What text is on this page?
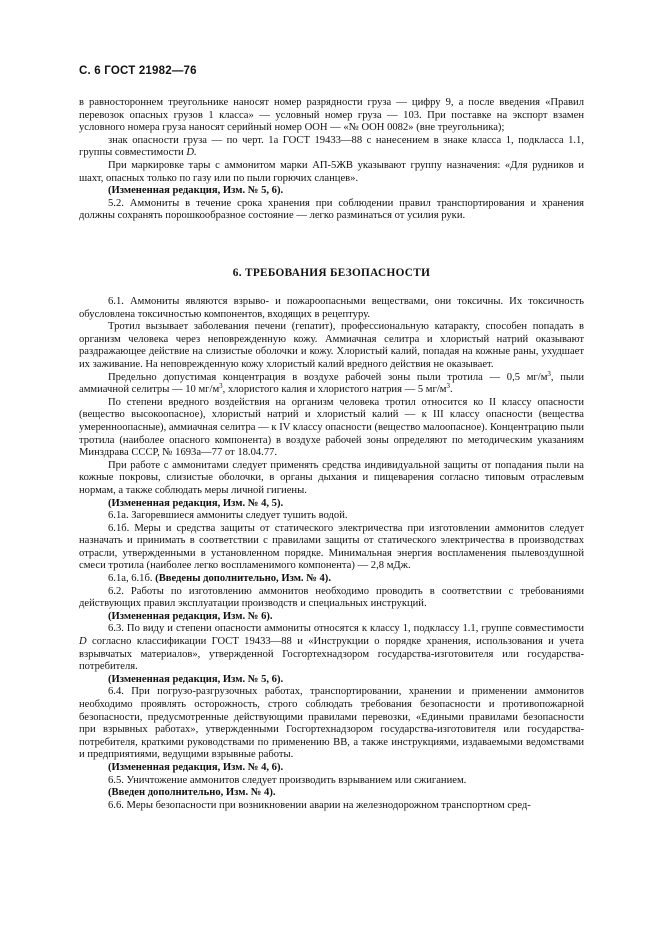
С. 6 ГОСТ 21982—76

в равностороннем треугольнике наносят номер разрядности груза — цифру 9, а после введения «Правил перевозок опасных грузов 1 класса» — условный номер груза — 103. При поставке на экспорт взамен условного номера груза наносят серийный номер ООН — «№ ООН 0082» (вне треугольника);

знак опасности груза — по черт. 1а ГОСТ 19433—88 с нанесением в знаке класса 1, подкласса 1.1, группы совместимости D.

При маркировке тары с аммонитом марки АП-5ЖВ указывают группу назначения: «Для рудников и шахт, опасных только по газу или по пыли горючих сланцев».

(Измененная редакция, Изм. № 5, 6).

5.2. Аммониты в течение срока хранения при соблюдении правил транспортирования и хранения должны сохранять порошкообразное состояние — легко разминаться от усилия руки.

6. ТРЕБОВАНИЯ БЕЗОПАСНОСТИ

6.1. Аммониты являются взрыво- и пожароопасными веществами, они токсичны. Их токсичность обусловлена токсичностью компонентов, входящих в рецептуру.

Тротил вызывает заболевания печени (гепатит), профессиональную катаракту, способен попадать в организм человека через неповрежденную кожу. Аммиачная селитра и хлористый натрий оказывают раздражающее действие на слизистые оболочки и кожу. Хлористый калий, попадая на кожные раны, ухудшает их заживание. На неповрежденную кожу хлористый калий вредного действия не оказывает.

Предельно допустимая концентрация в воздухе рабочей зоны пыли тротила — 0,5 $мг/м^3$, пыли аммиачной селитры — 10 $мг/м^3$, хлористого калия и хлористого натрия — 5 $мг/м^3$.

По степени вредного воздействия на организм человека тротил относится ко II классу опасности (вещество высокоопасное), хлористый натрий и хлористый калий — к III классу опасности (вещества умеренноопасные), аммиачная селитра — к IV классу опасности (вещество малоопасное). Концентрацию пыли тротила (наиболее опасного компонента) в воздухе рабочей зоны определяют по методическим указаниям Минздрава СССР, № 1693а—77 от 18.04.77.

При работе с аммонитами следует применять средства индивидуальной защиты от попадания пыли на кожные покровы, слизистые оболочки, в органы дыхания и пищеварения согласно типовым отраслевым нормам, а также соблюдать меры личной гигиены.

(Измененная редакция, Изм. № 4, 5).

6.1а. Загоревшиеся аммониты следует тушить водой.

6.1б. Меры и средства защиты от статического электричества при изготовлении аммонитов следует назначать и принимать в соответствии с правилами защиты от статического электричества в производствах отрасли, утвержденными в установленном порядке. Минимальная энергия воспламенения пылевоздушной смеси тротила (наиболее легко воспламенимого компонента) — 2,8 мДж.

6.1а, 6.1б. (Введены дополнительно, Изм. № 4).

6.2. Работы по изготовлению аммонитов необходимо проводить в соответствии с требованиями действующих правил эксплуатации производств и специальных инструкций.

(Измененная редакция, Изм. № 6).

6.3. По виду и степени опасности аммониты относятся к классу 1, подклассу 1.1, группе совместимости D согласно классификации ГОСТ 19433—88 и «Инструкции о порядке хранения, использования и учета взрывчатых материалов», утвержденной Госгортехнадзором государства-изготовителя или государства-потребителя.

(Измененная редакция, Изм. № 5, 6).

6.4. При погрузо-разгрузочных работах, транспортировании, хранении и применении аммонитов необходимо проявлять осторожность, строго соблюдать требования безопасности и противопожарной безопасности, предусмотренные действующими правилами перевозки, «Едиными правилами безопасности при взрывных работах», утвержденными Госгортехнадзором государства-изготовителя или государства-потребителя, краткими руководствами по применению ВВ, а также инструкциями, издаваемыми ведомствами и предприятиями, ведущими взрывные работы.

(Измененная редакция, Изм. № 4, 6).

6.5. Уничтожение аммонитов следует производить взрыванием или сжиганием.

(Введен дополнительно, Изм. № 4).

6.6. Меры безопасности при возникновении аварии на железнодорожном транспортном сред-
